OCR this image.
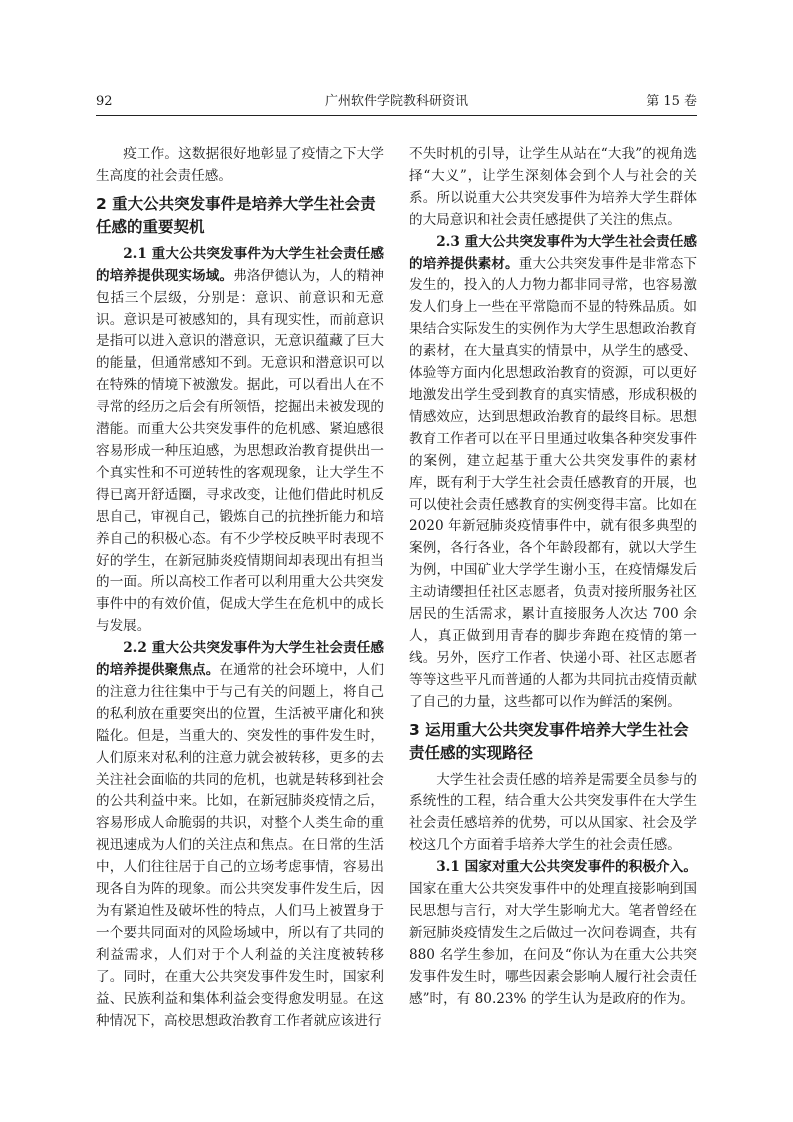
92	广州软件学院教科研资讯	第 15 卷

疫工作。这数据很好地彰显了疫情之下大学生高度的社会责任感。

2 重大公共突发事件是培养大学生社会责任感的重要契机

2.1 重大公共突发事件为大学生社会责任感的培养提供现实场域。弗洛伊德认为，人的精神包括三个层级，分别是：意识、前意识和无意识。意识是可被感知的，具有现实性，而前意识是指可以进入意识的潜意识，无意识蕴藏了巨大的能量，但通常感知不到。无意识和潜意识可以在特殊的情境下被激发。据此，可以看出人在不寻常的经历之后会有所领悟，挖掘出未被发现的潜能。而重大公共突发事件的危机感、紧迫感很容易形成一种压迫感，为思想政治教育提供出一个真实性和不可逆转性的客观现象，让大学生不得已离开舒适圈，寻求改变，让他们借此时机反思自己，审视自己，锻炼自己的抗挫折能力和培养自己的积极心态。有不少学校反映平时表现不好的学生，在新冠肺炎疫情期间却表现出有担当的一面。所以高校工作者可以利用重大公共突发事件中的有效价值，促成大学生在危机中的成长与发展。

2.2 重大公共突发事件为大学生社会责任感的培养提供聚焦点。在通常的社会环境中，人们的注意力往往集中于与己有关的问题上，将自己的私利放在重要突出的位置，生活被平庸化和狭隘化。但是，当重大的、突发性的事件发生时，人们原来对私利的注意力就会被转移，更多的去关注社会面临的共同的危机，也就是转移到社会的公共利益中来。比如，在新冠肺炎疫情之后，容易形成人命脆弱的共识，对整个人类生命的重视迅速成为人们的关注点和焦点。在日常的生活中，人们往往居于自己的立场考虑事情，容易出现各自为阵的现象。而公共突发事件发生后，因为有紧迫性及破坏性的特点，人们马上被置身于一个要共同面对的风险场域中，所以有了共同的利益需求，人们对于个人利益的关注度被转移了。同时，在重大公共突发事件发生时，国家利益、民族利益和集体利益会变得愈发明显。在这种情况下，高校思想政治教育工作者就应该进行

不失时机的引导，让学生从站在“大我”的视角选择“大义”，让学生深刻体会到个人与社会的关系。所以说重大公共突发事件为培养大学生群体的大局意识和社会责任感提供了关注的焦点。

2.3 重大公共突发事件为大学生社会责任感的培养提供素材。重大公共突发事件是非常态下发生的，投入的人力物力都非同寻常，也容易激发人们身上一些在平常隐而不显的特殊品质。如果结合实际发生的实例作为大学生思想政治教育的素材，在大量真实的情景中，从学生的感受、体验等方面内化思想政治教育的资源，可以更好地激发出学生受到教育的真实情感，形成积极的情感效应，达到思想政治教育的最终目标。思想教育工作者可以在平日里通过收集各种突发事件的案例，建立起基于重大公共突发事件的素材库，既有利于大学生社会责任感教育的开展，也可以使社会责任感教育的实例变得丰富。比如在 2020 年新冠肺炎疫情事件中，就有很多典型的案例，各行各业，各个年龄段都有，就以大学生为例，中国矿业大学学生谢小玉，在疫情爆发后主动请缨担任社区志愿者，负责对接所服务社区居民的生活需求，累计直接服务人次达 700 余人，真正做到用青春的脚步奔跑在疫情的第一线。另外，医疗工作者、快递小哥、社区志愿者等等这些平凡而普通的人都为共同抗击疫情贡献了自己的力量，这些都可以作为鲜活的案例。

3 运用重大公共突发事件培养大学生社会责任感的实现路径

大学生社会责任感的培养是需要全员参与的系统性的工程，结合重大公共突发事件在大学生社会责任感培养的优势，可以从国家、社会及学校这几个方面着手培养大学生的社会责任感。

3.1 国家对重大公共突发事件的积极介入。国家在重大公共突发事件中的处理直接影响到国民思想与言行，对大学生影响尤大。笔者曾经在新冠肺炎疫情发生之后做过一次问卷调查，共有 880 名学生参加，在问及“你认为在重大公共突发事件发生时，哪些因素会影响人履行社会责任感”时，有 80.23% 的学生认为是政府的作为。
